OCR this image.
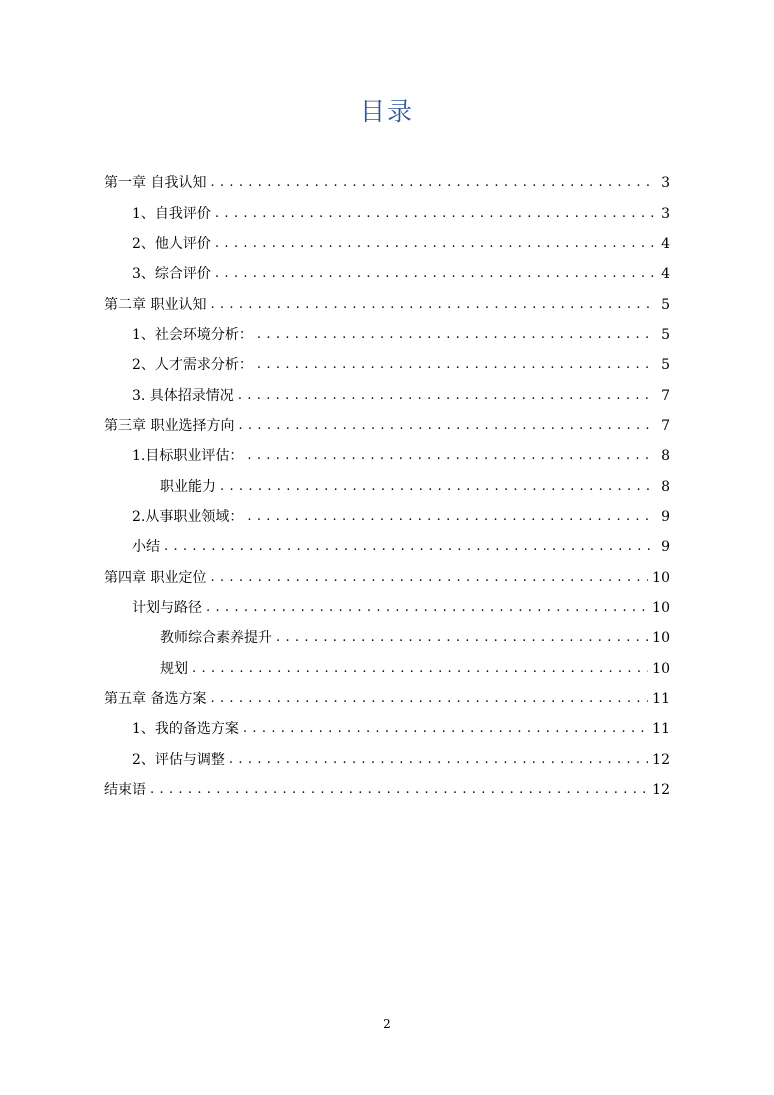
目录
第一章 自我认知 . . .	3
1、自我评价 . . .	3
2、他人评价 . . .	4
3、综合评价 . . .	4
第二章 职业认知 . . .	5
1、社会环境分析： . . .	5
2、人才需求分析： . . .	5
3. 具体招录情况 . . .	7
第三章 职业选择方向 . . .	7
1.目标职业评估： . . .	8
职业能力 . . .	8
2.从事职业领域： . . .	9
小结 . . .	9
第四章 职业定位 . . .	10
计划与路径 . . .	10
教师综合素养提升 . . .	10
规划 . . .	10
第五章 备选方案 . . .	11
1、我的备选方案 . . .	11
2、评估与调整 . . .	12
结束语 . . .	12
2
